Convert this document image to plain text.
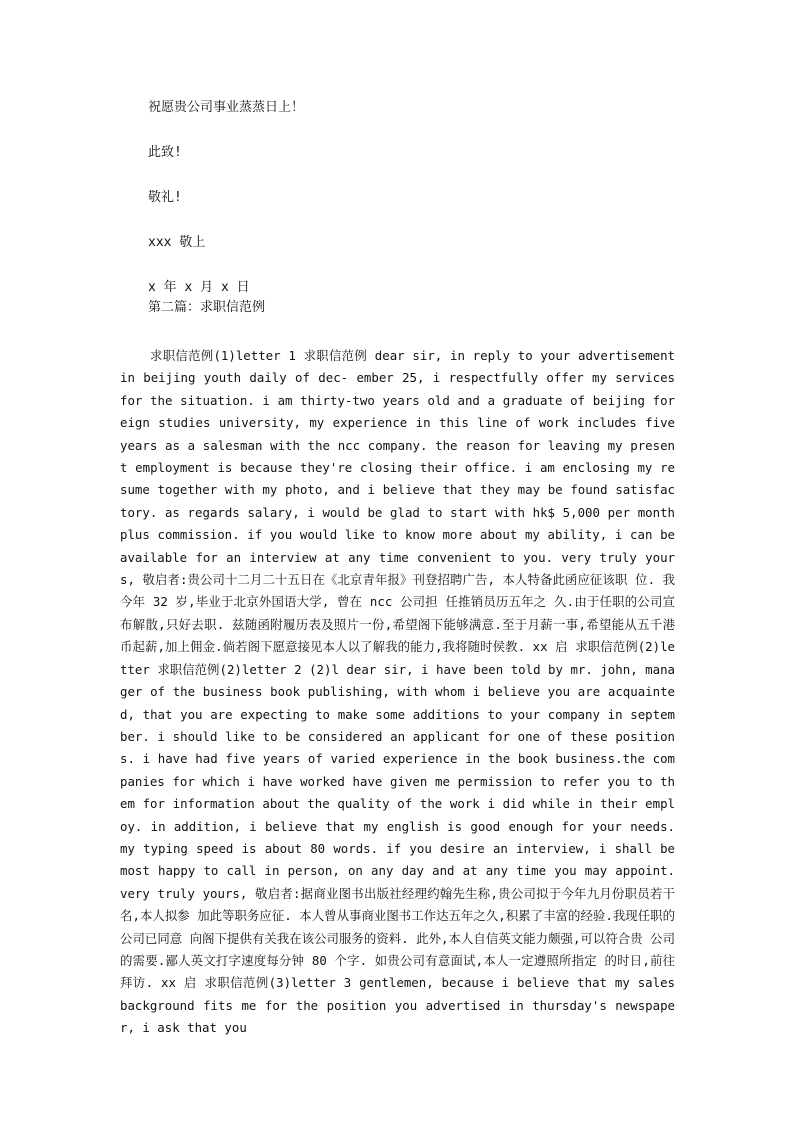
祝愿贵公司事业蒸蒸日上！
此致!
敬礼!
xxx 敬上
x 年 x 月 x 日
第二篇：求职信范例
求职信范例(1)letter 1 求职信范例 dear sir, in reply to your advertisement in beijing youth daily of dec- ember 25, i respectfully offer my services for the situation. i am thirty-two years old and a graduate of beijing foreign studies university, my experience in this line of work includes five years as a salesman with the ncc company. the reason for leaving my present employment is because they're closing their office. i am enclosing my resume together with my photo, and i believe that they may be found satisfactory. as regards salary, i would be glad to start with hk$ 5,000 per month plus commission. if you would like to know more about my ability, i can be available for an interview at any time convenient to you. very truly yours, 敬启者:贵公司十二月二十五日在《北京青年报》刊登招聘广告, 本人特备此函应征该职 位. 我今年 32 岁,毕业于北京外国语大学, 曾在 ncc 公司担 任推销员历五年之 久.由于任职的公司宣布解散,只好去职. 兹随函附履历表及照片一份,希望阁下能够满意.至于月薪一事,希望能从五千港 币起薪,加上佣金.倘若阁下愿意接见本人以了解我的能力,我将随时侯教. xx 启 求职信范例(2)letter 求职信范例(2)letter 2 (2)l dear sir, i have been told by mr. john, manager of the business book publishing, with whom i believe you are acquainted, that you are expecting to make some additions to your company in september. i should like to be considered an applicant for one of these positions. i have had five years of varied experience in the book business.the companies for which i have worked have given me permission to refer you to them for information about the quality of the work i did while in their employ. in addition, i believe that my english is good enough for your needs. my typing speed is about 80 words. if you desire an interview, i shall be most happy to call in person, on any day and at any time you may appoint. very truly yours, 敬启者:据商业图书出版社经理约翰先生称,贵公司拟于今年九月份职员若干名,本人拟参 加此等职务应征. 本人曾从事商业图书工作达五年之久,积累了丰富的经验.我现任职的公司已同意 向阁下提供有关我在该公司服务的资料. 此外,本人自信英文能力颇强,可以符合贵 公司的需要.鄙人英文打字速度每分钟 80 个字. 如贵公司有意面试,本人一定遵照所指定 的时日,前往拜访. xx 启 求职信范例(3)letter 3 gentlemen, because i believe that my sales background fits me for the position you advertised in thursday's newspaper, i ask that you
